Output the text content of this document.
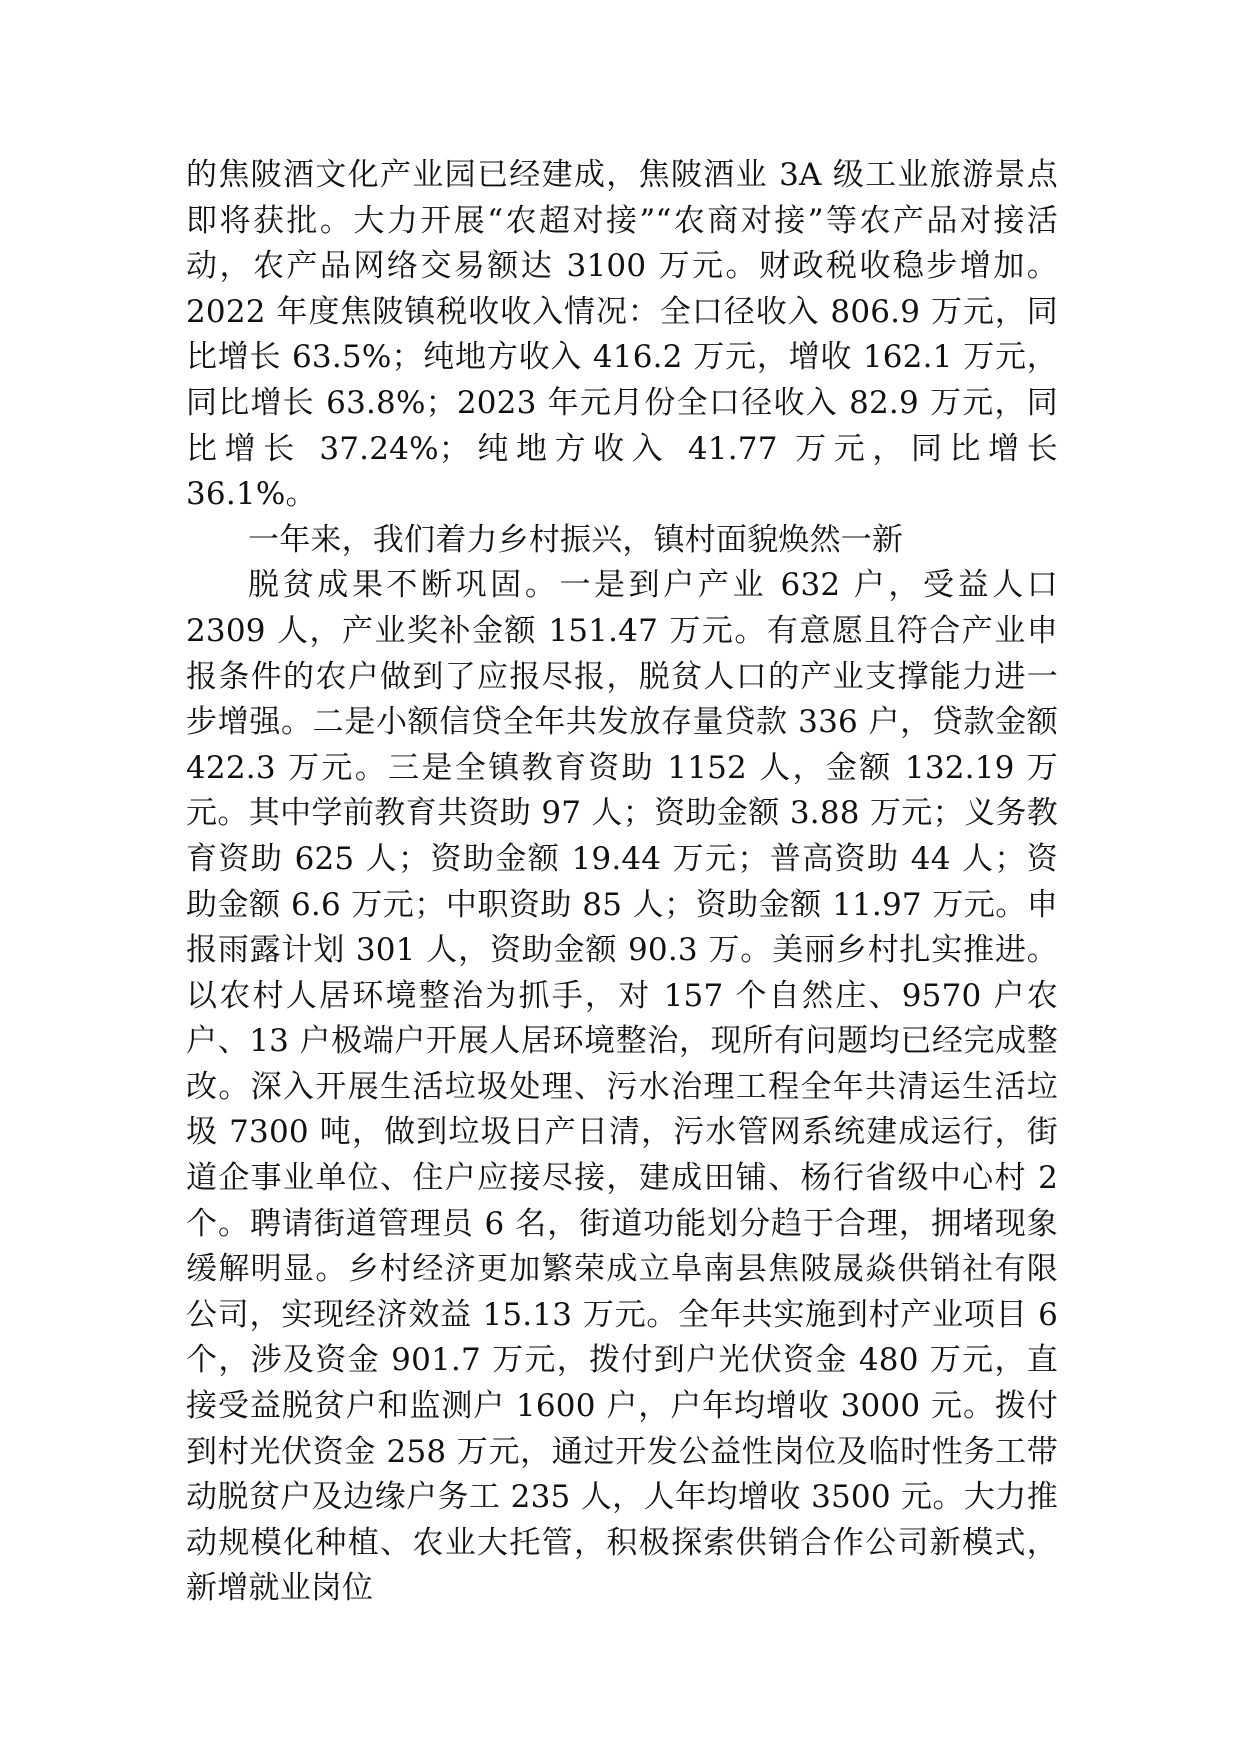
的焦陂酒文化产业园已经建成，焦陂酒业 3A 级工业旅游景点即将获批。大力开展“农超对接”“农商对接”等农产品对接活动，农产品网络交易额达 3100 万元。财政税收稳步增加。2022 年度焦陂镇税收收入情况：全口径收入 806.9 万元，同比增长 63.5%；纯地方收入 416.2 万元，增收 162.1 万元，同比增长 63.8%；2023 年元月份全口径收入 82.9 万元，同比增长 37.24%；纯地方收入 41.77 万元，同比增长 36.1%。

一年来，我们着力乡村振兴，镇村面貌焕然一新

脱贫成果不断巩固。一是到户产业 632 户，受益人口 2309 人，产业奖补金额 151.47 万元。有意愿且符合产业申报条件的农户做到了应报尽报，脱贫人口的产业支撑能力进一步增强。二是小额信贷全年共发放存量贷款 336 户，贷款金额 422.3 万元。三是全镇教育资助 1152 人，金额 132.19 万元。其中学前教育共资助 97 人；资助金额 3.88 万元；义务教育资助 625 人；资助金额 19.44 万元；普高资助 44 人；资助金额 6.6 万元；中职资助 85 人；资助金额 11.97 万元。申报雨露计划 301 人，资助金额 90.3 万。美丽乡村扎实推进。以农村人居环境整治为抓手，对 157 个自然庄、9570 户农户、13 户极端户开展人居环境整治，现所有问题均已经完成整改。深入开展生活垃圾处理、污水治理工程全年共清运生活垃圾 7300 吨，做到垃圾日产日清，污水管网系统建成运行，街道企事业单位、住户应接尽接，建成田铺、杨行省级中心村 2 个。聘请街道管理员 6 名，街道功能划分趋于合理，拥堵现象缓解明显。乡村经济更加繁荣成立阜南县焦陂晟焱供销社有限公司，实现经济效益 15.13 万元。全年共实施到村产业项目 6 个，涉及资金 901.7 万元，拨付到户光伏资金 480 万元，直接受益脱贫户和监测户 1600 户，户年均增收 3000 元。拨付到村光伏资金 258 万元，通过开发公益性岗位及临时性务工带动脱贫户及边缘户务工 235 人，人年均增收 3500 元。大力推动规模化种植、农业大托管，积极探索供销合作公司新模式，新增就业岗位
